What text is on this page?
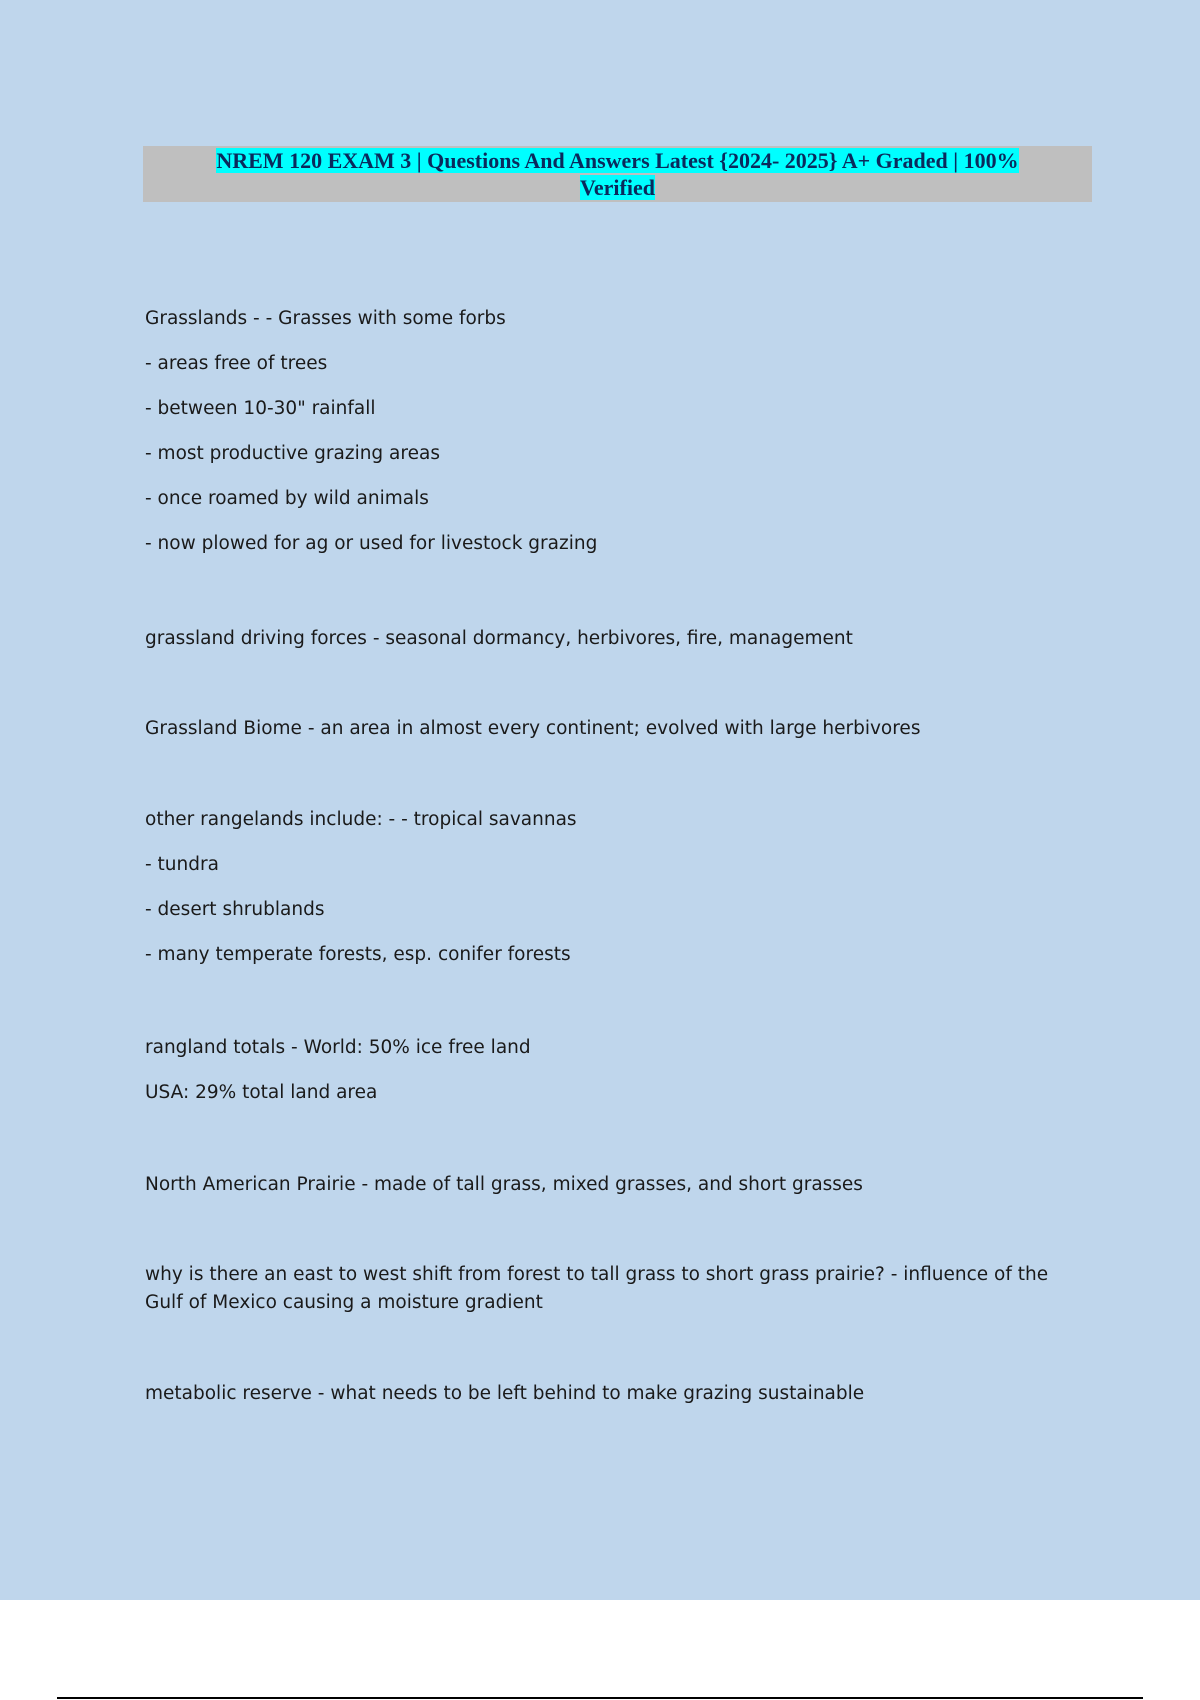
NREM 120 EXAM 3 | Questions And Answers Latest {2024- 2025} A+ Graded | 100%
Verified
Grasslands - - Grasses with some forbs
- areas free of trees
- between 10-30" rainfall
- most productive grazing areas
- once roamed by wild animals
- now plowed for ag or used for livestock grazing
grassland driving forces - seasonal dormancy, herbivores, fire, management
Grassland Biome - an area in almost every continent; evolved with large herbivores
other rangelands include: - - tropical savannas
- tundra
- desert shrublands
- many temperate forests, esp. conifer forests
rangland totals - World: 50% ice free land
USA: 29% total land area
North American Prairie - made of tall grass, mixed grasses, and short grasses
why is there an east to west shift from forest to tall grass to short grass prairie? - influence of the Gulf of Mexico causing a moisture gradient
metabolic reserve - what needs to be left behind to make grazing sustainable
